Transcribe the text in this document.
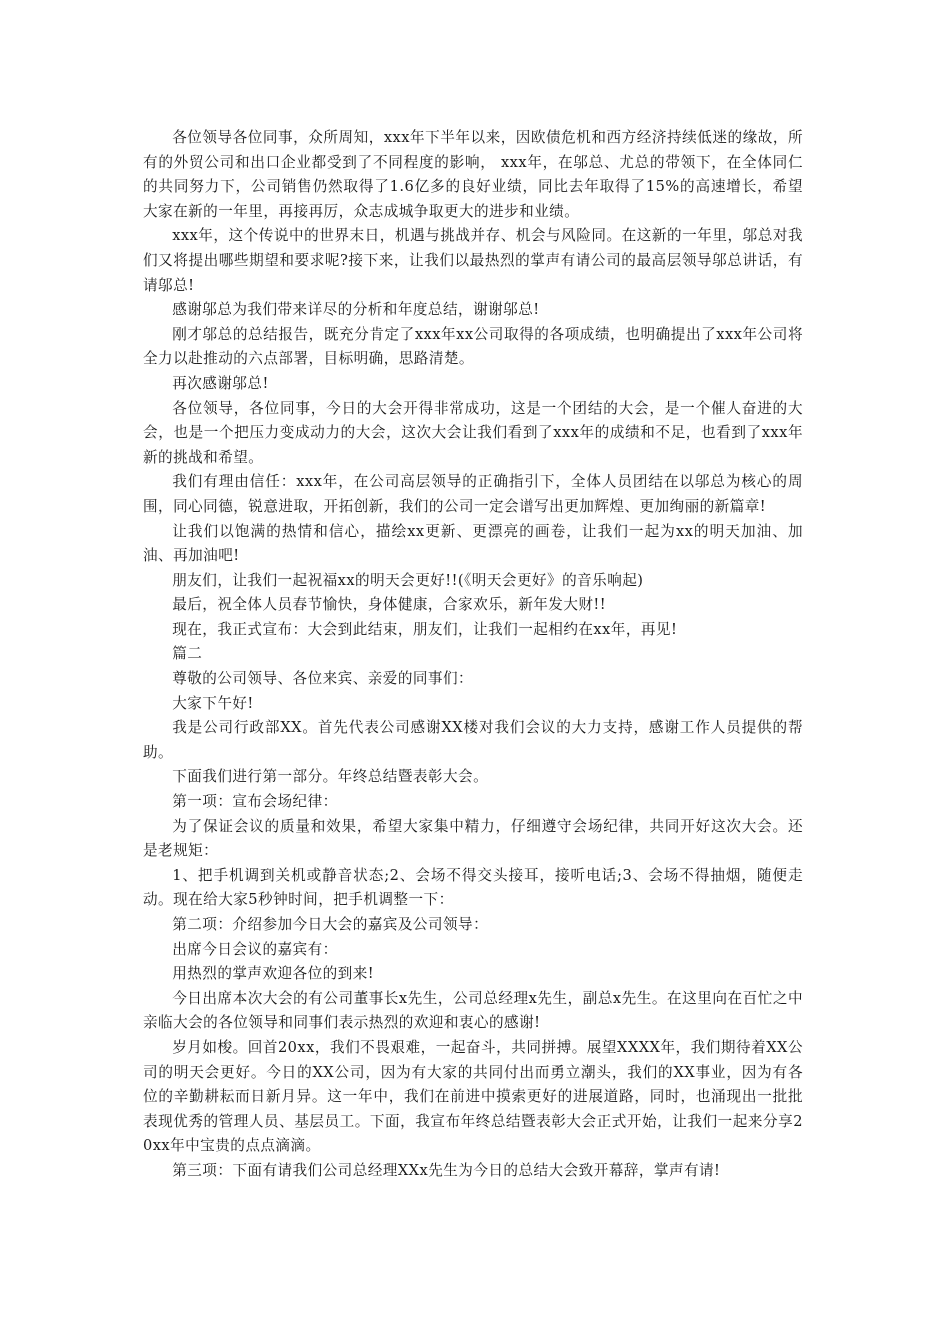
各位领导各位同事，众所周知，xxx年下半年以来，因欧债危机和西方经济持续低迷的缘故，所有的外贸公司和出口企业都受到了不同程度的影响， xxx年，在邬总、尤总的带领下，在全体同仁的共同努力下，公司销售仍然取得了1.6亿多的良好业绩，同比去年取得了15%的高速增长，希望大家在新的一年里，再接再厉，众志成城争取更大的进步和业绩。

xxx年，这个传说中的世界末日，机遇与挑战并存、机会与风险同。在这新的一年里，邬总对我们又将提出哪些期望和要求呢?接下来，让我们以最热烈的掌声有请公司的最高层领导邬总讲话，有请邬总!

感谢邬总为我们带来详尽的分析和年度总结，谢谢邬总!

刚才邬总的总结报告，既充分肯定了xxx年xx公司取得的各项成绩，也明确提出了xxx年公司将全力以赴推动的六点部署，目标明确，思路清楚。

再次感谢邬总!

各位领导，各位同事，今日的大会开得非常成功，这是一个团结的大会，是一个催人奋进的大会，也是一个把压力变成动力的大会，这次大会让我们看到了xxx年的成绩和不足，也看到了xxx年新的挑战和希望。

我们有理由信任：xxx年，在公司高层领导的正确指引下，全体人员团结在以邬总为核心的周围，同心同德，锐意进取，开拓创新，我们的公司一定会谱写出更加辉煌、更加绚丽的新篇章!

让我们以饱满的热情和信心，描绘xx更新、更漂亮的画卷，让我们一起为xx的明天加油、加油、再加油吧!

朋友们，让我们一起祝福xx的明天会更好!!(《明天会更好》的音乐响起)

最后，祝全体人员春节愉快，身体健康，合家欢乐，新年发大财!!

现在，我正式宣布：大会到此结束，朋友们，让我们一起相约在xx年，再见!

篇二

尊敬的公司领导、各位来宾、亲爱的同事们：

大家下午好!

我是公司行政部XX。首先代表公司感谢XX楼对我们会议的大力支持，感谢工作人员提供的帮助。

下面我们进行第一部分。年终总结暨表彰大会。

第一项：宣布会场纪律：

为了保证会议的质量和效果，希望大家集中精力，仔细遵守会场纪律，共同开好这次大会。还是老规矩：

1、把手机调到关机或静音状态;2、会场不得交头接耳，接听电话;3、会场不得抽烟，随便走动。现在给大家5秒钟时间，把手机调整一下：

第二项：介绍参加今日大会的嘉宾及公司领导：

出席今日会议的嘉宾有：

用热烈的掌声欢迎各位的到来!

今日出席本次大会的有公司董事长x先生，公司总经理x先生，副总x先生。在这里向在百忙之中亲临大会的各位领导和同事们表示热烈的欢迎和衷心的感谢!

岁月如梭。回首20xx，我们不畏艰难，一起奋斗，共同拼搏。展望XXXX年，我们期待着XX公司的明天会更好。今日的XX公司，因为有大家的共同付出而勇立潮头，我们的XX事业，因为有各位的辛勤耕耘而日新月异。这一年中，我们在前进中摸索更好的进展道路，同时，也涌现出一批批表现优秀的管理人员、基层员工。下面，我宣布年终总结暨表彰大会正式开始，让我们一起来分享20xx年中宝贵的点点滴滴。

第三项：下面有请我们公司总经理XXx先生为今日的总结大会致开幕辞，掌声有请!
